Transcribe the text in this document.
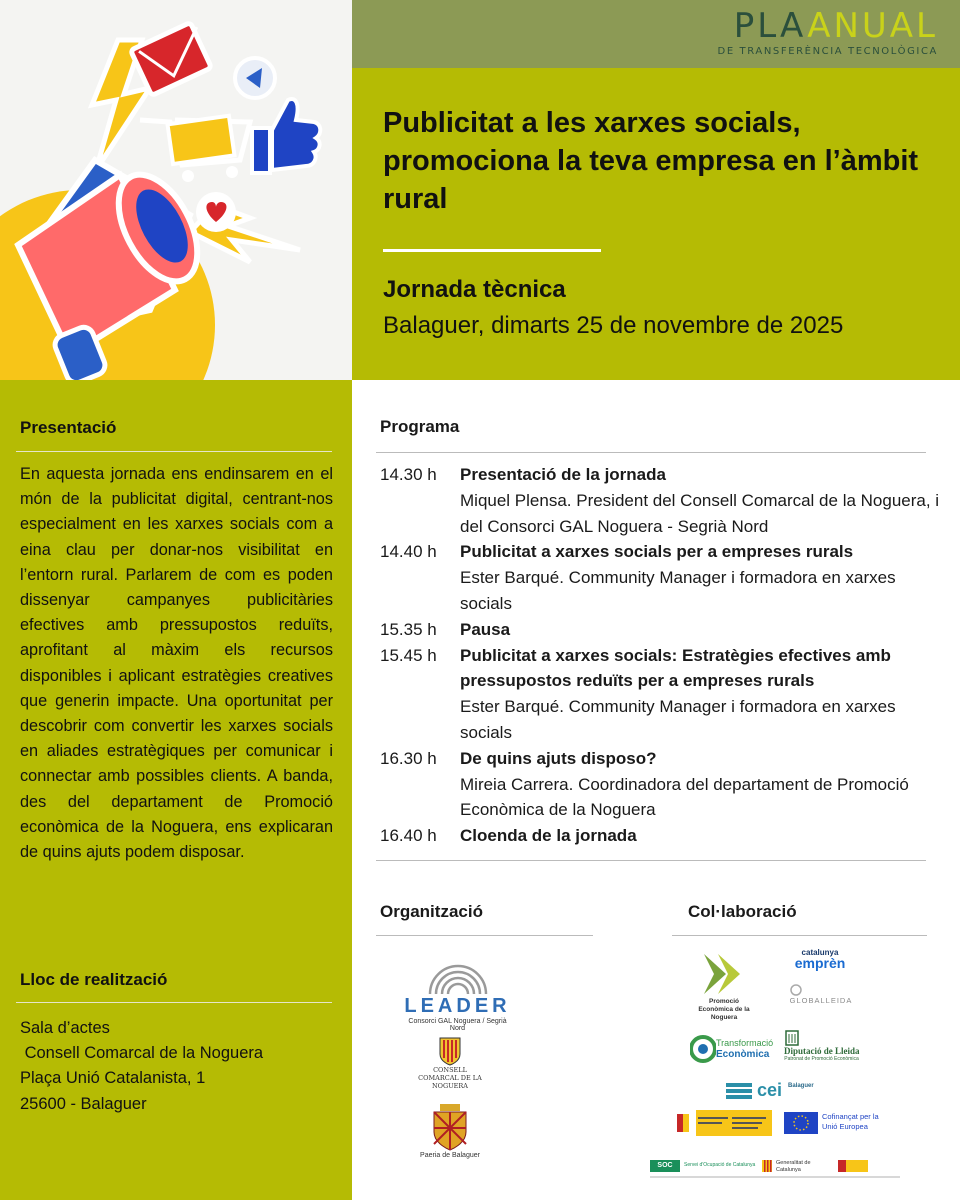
PLAANUAL
DE TRANSFERÈNCIA TECNOLÒGICA
Publicitat a les xarxes socials, promociona la teva empresa en l’àmbit rural
Jornada tècnica
Balaguer, dimarts 25 de novembre de 2025
Presentació
En aquesta jornada ens endinsarem en el món de la publicitat digital, centrant-nos especialment en les xarxes socials com a eina clau per donar-nos visibilitat en l’entorn rural. Parlarem de com es poden dissenyar campanyes publicitàries efectives amb pressupostos reduïts, aprofitant al màxim els recursos disponibles i aplicant estratègies creatives que generin impacte. Una oportunitat per descobrir com convertir les xarxes socials en aliades estratègiques per comunicar i connectar amb possibles clients. A banda, des del departament de Promoció econòmica de la Noguera, ens explicaran de quins ajuts podem disposar.
Lloc de realització
Sala d’actes
Consell Comarcal de la Noguera
Plaça Unió Catalanista, 1
25600 - Balaguer
Programa
14.30 h	Presentació de la jornada
Miquel Plensa. President del Consell Comarcal de la Noguera, i del Consorci GAL Noguera - Segrià Nord
14.40 h	Publicitat a xarxes socials per a empreses rurals
Ester Barqué. Community Manager i formadora en xarxes socials
15.35 h	Pausa
15.45 h	Publicitat a xarxes socials: Estratègies efectives amb pressupostos reduïts per a empreses rurals
Ester Barqué. Community Manager i formadora en xarxes socials
16.30 h	De quins ajuts disposo?
Mireia Carrera. Coordinadora del departament de Promoció Econòmica de la Noguera
16.40 h	Cloenda de la jornada
Organització
LEADER
Consorci GAL Noguera / Segrià Nord
CONSELL COMARCAL DE LA NOGUERA
Paeria de Balaguer
Col·laboració
Promoció Econòmica de la Noguera
catalunya
emprèn
GLOBALLEIDA
Transformació
Econòmica Diputació de Lleida
Patronat de Promoció Econòmica
cei Balaguer
Cofinançat per la Unió Europea
SOC	Servei d'Ocupació de Catalunya	Generalitat de Catalunya
